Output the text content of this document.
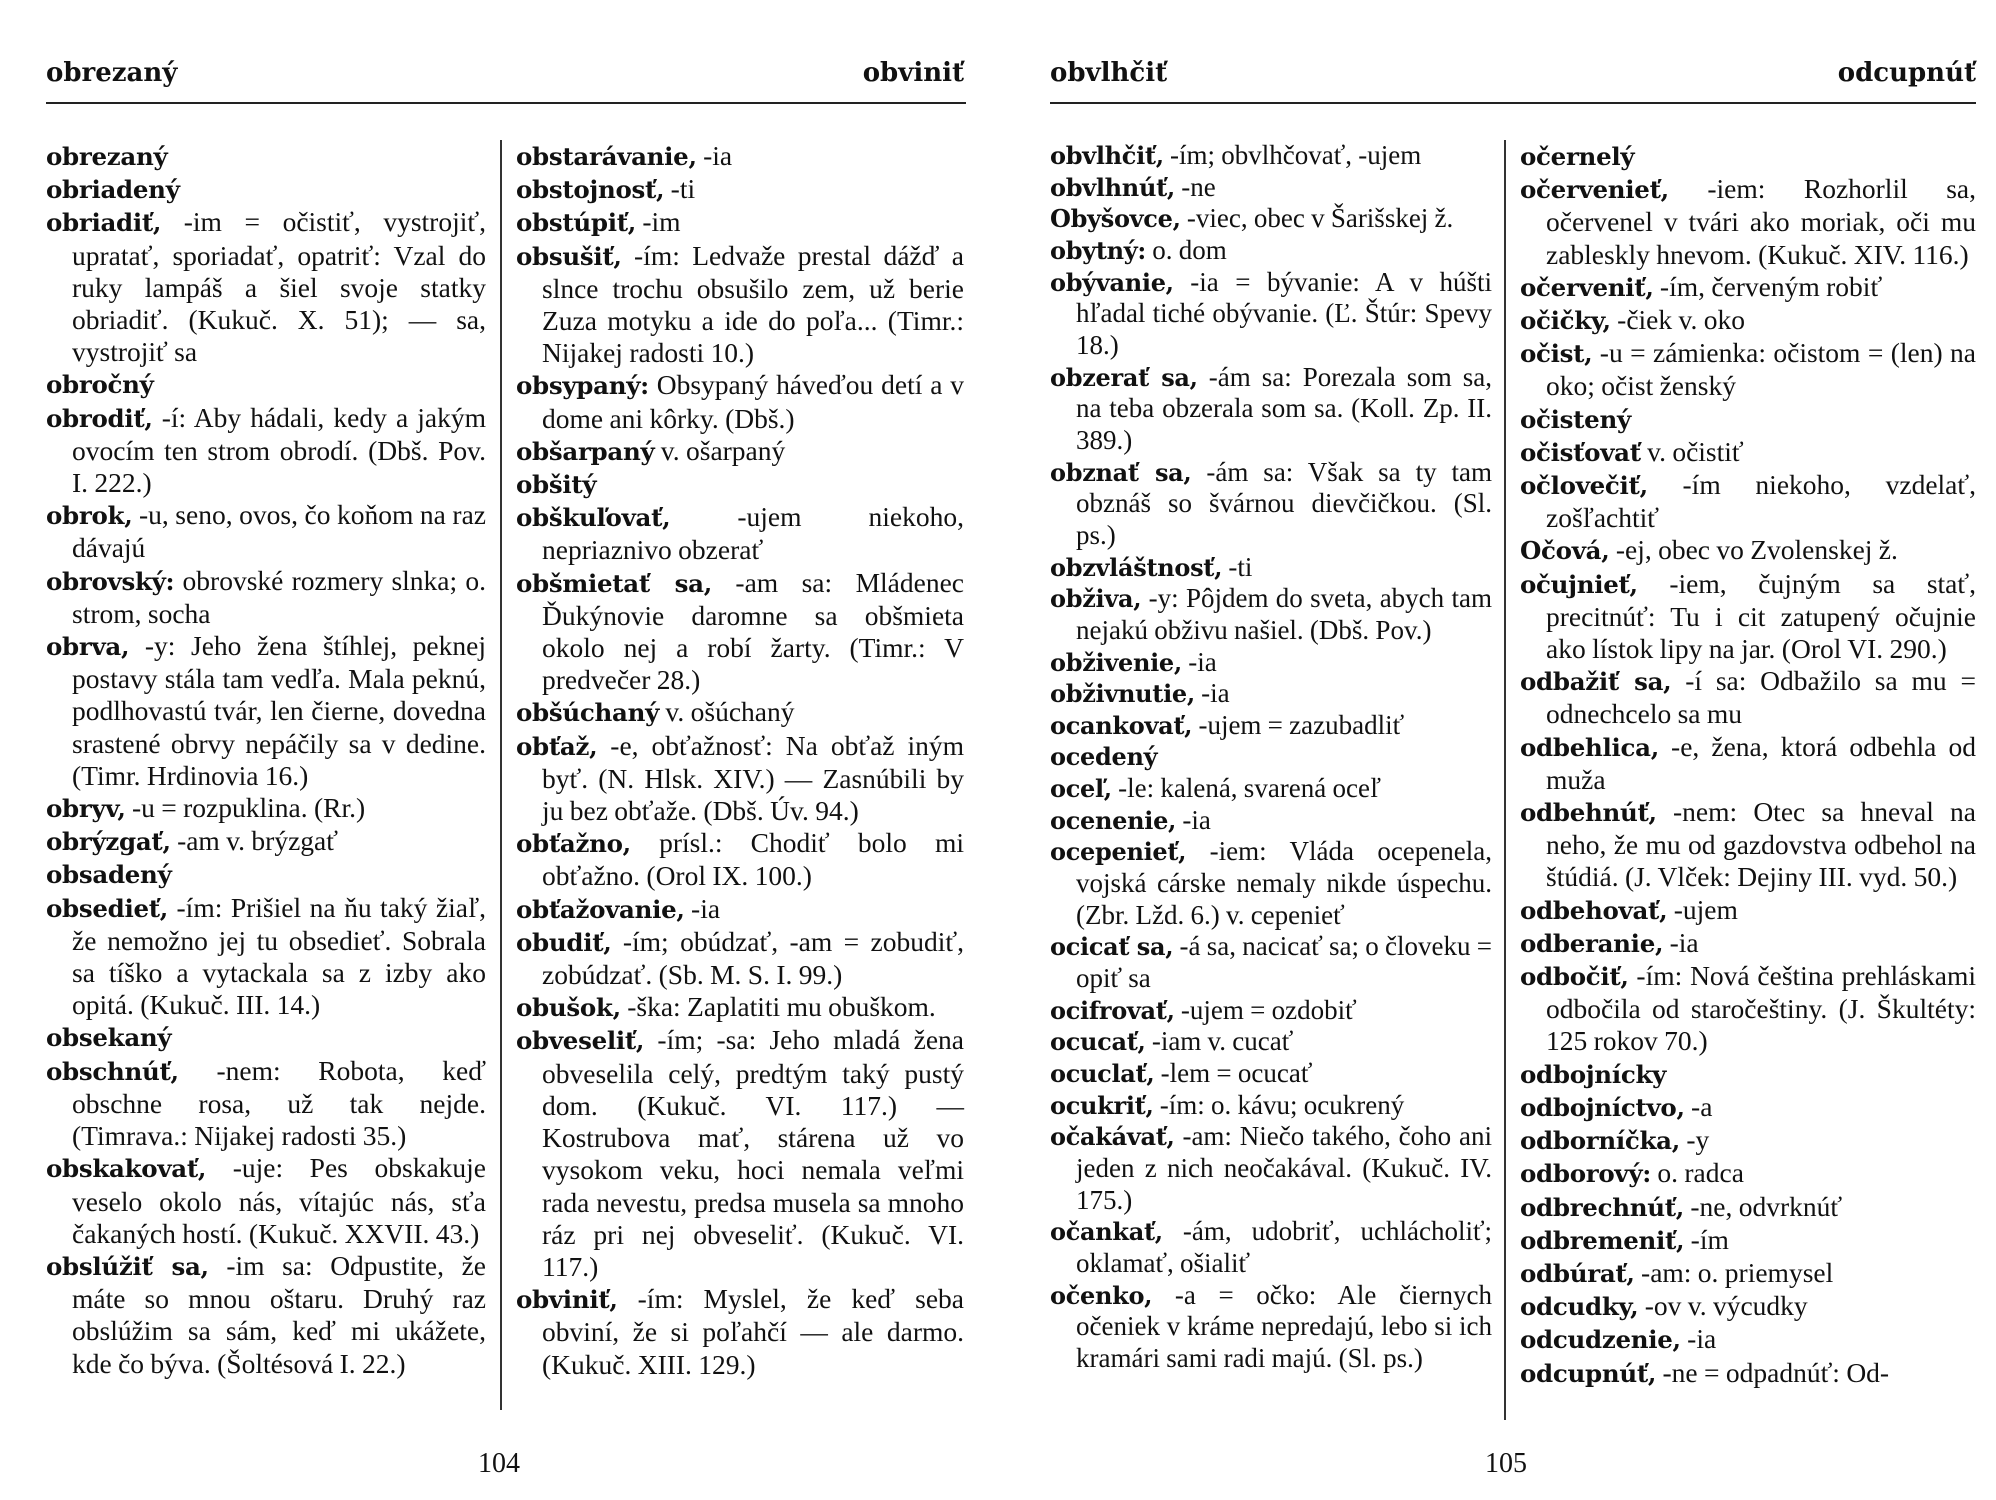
obrezaný	obviniť

obrezaný

obriadený

obriadiť, -im = očistiť, vystrojiť, upratať, sporiadať, opatriť: Vzal do ruky lampáš a šiel svoje statky obriadiť. (Kukuč. X. 51); — sa, vystrojiť sa

obročný

obrodiť, -í: Aby hádali, kedy a jakým ovocím ten strom obrodí. (Dbš. Pov. I. 222.)

obrok, -u, seno, ovos, čo koňom na raz dávajú

obrovský: obrovské rozmery slnka; o. strom, socha

obrva, -y: Jeho žena štíhlej, peknej postavy stála tam vedľa. Mala peknú, podlhovastú tvár, len čierne, dovedna srastené obrvy nepáčily sa v dedine. (Timr. Hrdinovia 16.)

obryv, -u = rozpuklina. (Rr.)

obrýzgať, -am v. brýzgať

obsadený

obsedieť, -ím: Prišiel na ňu taký žiaľ, že nemožno jej tu obsedieť. Sobrala sa tíško a vytackala sa z izby ako opitá. (Kukuč. III. 14.)

obsekaný

obschnúť, -nem: Robota, keď obschne rosa, už tak nejde. (Timrava.: Nijakej radosti 35.)

obskakovať, -uje: Pes obskakuje veselo okolo nás, vítajúc nás, sťa čakaných hostí. (Kukuč. XXVII. 43.)

obslúžiť sa, -im sa: Odpustite, že máte so mnou oštaru. Druhý raz obslúžim sa sám, keď mi ukážete, kde čo býva. (Šoltésová I. 22.)

obstarávanie, -ia

obstojnosť, -ti

obstúpiť, -im

obsušiť, -ím: Ledvaže prestal dážď a slnce trochu obsušilo zem, už berie Zuza motyku a ide do poľa... (Timr.: Nijakej radosti 10.)

obsypaný: Obsypaný háveďou detí a v dome ani kôrky. (Dbš.)

obšarpaný v. ošarpaný

obšitý

obškuľovať, -ujem niekoho, nepriaznivo obzerať

obšmietať sa, -am sa: Mládenec Ďukýnovie daromne sa obšmieta okolo nej a robí žarty. (Timr.: V predvečer 28.)

obšúchaný v. ošúchaný

obťaž, -e, obťažnosť: Na obťaž iným byť. (N. Hlsk. XIV.) — Zasnúbili by ju bez obťaže. (Dbš. Úv. 94.)

obťažno, prísl.: Chodiť bolo mi obťažno. (Orol IX. 100.)

obťažovanie, -ia

obudiť, -ím; obúdzať, -am = zobudiť, zobúdzať. (Sb. M. S. I. 99.)

obušok, -ška: Zaplatiti mu obuškom.

obveseliť, -ím; -sa: Jeho mladá žena obveselila celý, predtým taký pustý dom. (Kukuč. VI. 117.) — Kostrubova mať, stárena už vo vysokom veku, hoci nemala veľmi rada nevestu, predsa musela sa mnoho ráz pri nej obveseliť. (Kukuč. VI. 117.)

obviniť, -ím: Myslel, že keď seba obviní, že si poľahčí — ale darmo. (Kukuč. XIII. 129.)

104
obvlhčiť	odcupnúť

obvlhčiť, -ím; obvlhčovať, -ujem

obvlhnúť, -ne

Obyšovce, -viec, obec v Šarišskej ž.

obytný: o. dom

obývanie, -ia = bývanie: A v húšti hľadal tiché obývanie. (Ľ. Štúr: Spevy 18.)

obzerať sa, -ám sa: Porezala som sa, na teba obzerala som sa. (Koll. Zp. II. 389.)

obznať sa, -ám sa: Však sa ty tam obznáš so švárnou dievčičkou. (Sl. ps.)

obzvláštnosť, -ti

obživa, -y: Pôjdem do sveta, abych tam nejakú obživu našiel. (Dbš. Pov.)

obživenie, -ia

obživnutie, -ia

ocankovať, -ujem = zazubadliť

ocedený

oceľ, -le: kalená, svarená oceľ

ocenenie, -ia

ocepenieť, -iem: Vláda ocepenela, vojská cárske nemaly nikde úspechu. (Zbr. Lžd. 6.) v. cepenieť

ocicať sa, -á sa, nacicať sa; o človeku = opiť sa

ocifrovať, -ujem = ozdobiť

ocucať, -iam v. cucať

ocuclať, -lem = ocucať

ocukriť, -ím: o. kávu; ocukrený

očakávať, -am: Niečo takého, čoho ani jeden z nich neočakával. (Kukuč. IV. 175.)

očankať, -ám, udobriť, uchlácholiť; oklamať, ošialiť

očenko, -a = očko: Ale čiernych očeniek v kráme nepredajú, lebo si ich kramári sami radi majú. (Sl. ps.)

očernelý

očervenieť, -iem: Rozhorlil sa, očervenel v tvári ako moriak, oči mu zableskly hnevom. (Kukuč. XIV. 116.)

očerveniť, -ím, červeným robiť

očičky, -čiek v. oko

očist, -u = zámienka: očistom = (len) na oko; očist ženský

očistený

očisťovať v. očistiť

očlovečiť, -ím niekoho, vzdelať, zošľachtiť

Očová, -ej, obec vo Zvolenskej ž.

očujnieť, -iem, čujným sa stať, precitnúť: Tu i cit zatupený očujnie ako lístok lipy na jar. (Orol VI. 290.)

odbažiť sa, -í sa: Odbažilo sa mu = odnechcelo sa mu

odbehlica, -e, žena, ktorá odbehla od muža

odbehnúť, -nem: Otec sa hneval na neho, že mu od gazdovstva odbehol na štúdiá. (J. Vlček: Dejiny III. vyd. 50.)

odbehovať, -ujem

odberanie, -ia

odbočiť, -ím: Nová čeština prehláskami odbočila od staročeštiny. (J. Škultéty: 125 rokov 70.)

odbojnícky

odbojníctvo, -a

odborníčka, -y

odborový: o. radca

odbrechnúť, -ne, odvrknúť

odbremeniť, -ím

odbúrať, -am: o. priemysel

odcudky, -ov v. výcudky

odcudzenie, -ia

odcupnúť, -ne = odpadnúť: Od-

105
